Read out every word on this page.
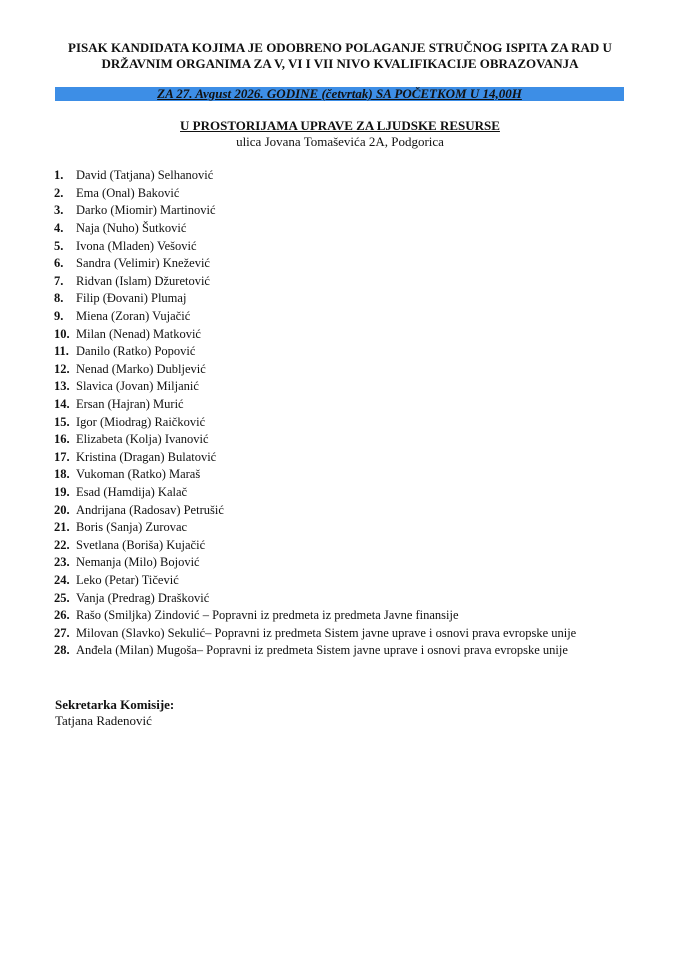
PISAK KANDIDATA KOJIMA JE ODOBRENO POLAGANJE STRUČNOG ISPITA ZA RAD U
DRŽAVNIM ORGANIMA ZA V, VI I VII NIVO KVALIFIKACIJE OBRAZOVANJA
ZA 27. Avgust 2026. GODINE (četvrtak) SA POČETKOM U 14,00H
U PROSTORIJAMA UPRAVE ZA LJUDSKE RESURSE
ulica Jovana Tomaševića 2A, Podgorica
1.	David (Tatjana) Selhanović
2.	Ema (Onal) Baković
3.	Darko (Miomir) Martinović
4.	Naja (Nuho) Šutković
5.	Ivona (Mladen) Vešović
6.	Sandra (Velimir) Knežević
7.	Ridvan (Islam) Džuretović
8.	Filip (Đovani) Plumaj
9.	Miena (Zoran) Vujačić
10. Milan (Nenad) Matković
11. Danilo (Ratko) Popović
12. Nenad (Marko) Dubljević
13. Slavica (Jovan) Miljanić
14. Ersan (Hajran) Murić
15. Igor (Miodrag) Raičković
16. Elizabeta (Kolja) Ivanović
17. Kristina (Dragan) Bulatović
18. Vukoman (Ratko) Maraš
19. Esad (Hamdija) Kalač
20. Andrijana (Radosav) Petrušić
21. Boris (Sanja) Zurovac
22. Svetlana (Boriša) Kujačić
23. Nemanja (Milo) Bojović
24. Leko (Petar) Tičević
25. Vanja (Predrag) Drašković
26. Rašo (Smiljka) Zindović – Popravni iz predmeta iz predmeta Javne finansije
27. Milovan (Slavko) Sekulić– Popravni iz predmeta Sistem javne uprave i osnovi prava evropske unije
28. Anđela (Milan) Mugoša– Popravni iz predmeta Sistem javne uprave i osnovi prava evropske unije
Sekretarka Komisije:
Tatjana Radenović
